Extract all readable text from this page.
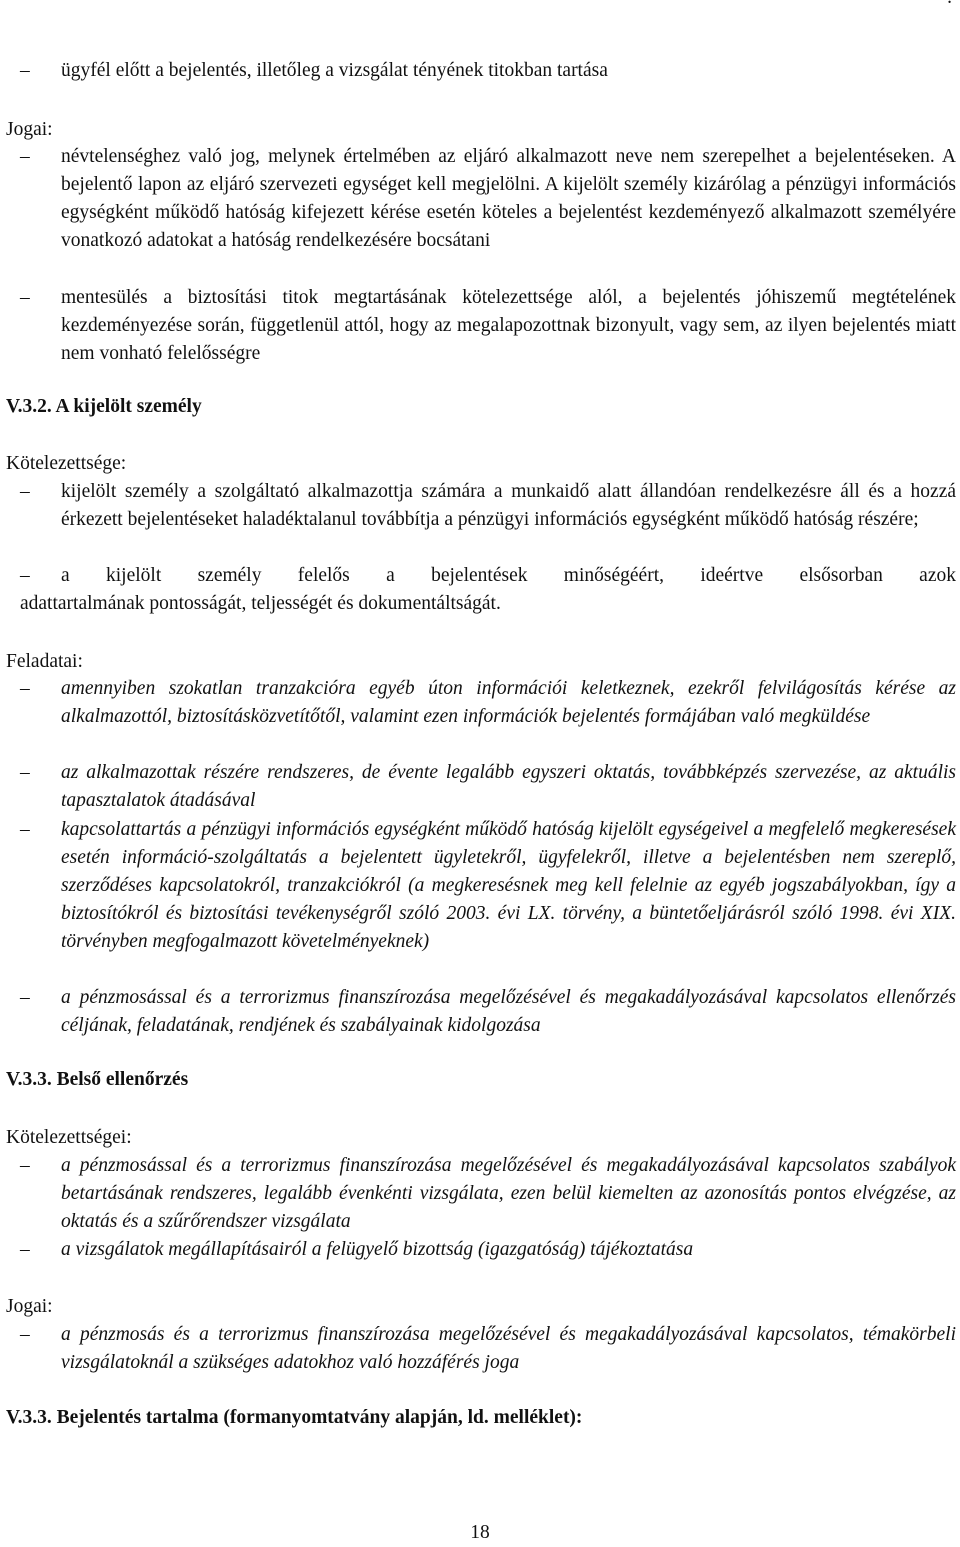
– ügyfél előtt a bejelentés, illetőleg a vizsgálat tényének titokban tartása
Jogai:
– névtelenséghez való jog, melynek értelmében az eljáró alkalmazott neve nem szerepelhet a bejelentéseken. A bejelentő lapon az eljáró szervezeti egységet kell megjelölni. A kijelölt személy kizárólag a pénzügyi információs egységként működő hatóság kifejezett kérése esetén köteles a bejelentést kezdeményező alkalmazott személyére vonatkozó adatokat a hatóság rendelkezésére bocsátani
– mentesülés a biztosítási titok megtartásának kötelezettsége alól, a bejelentés jóhiszemű megtételének kezdeményezése során, függetlenül attól, hogy az megalapozottnak bizonyult, vagy sem, az ilyen bejelentés miatt nem vonható felelősségre
V.3.2. A kijelölt személy
Kötelezettsége:
– kijelölt személy a szolgáltató alkalmazottja számára a munkaidő alatt állandóan rendelkezésre áll és a hozzá érkezett bejelentéseket haladéktalanul továbbítja a pénzügyi információs egységként működő hatóság részére;
– a kijelölt személy felelős a bejelentések minőségéért, ideértve elsősorban azok
adattartalmának pontosságát, teljességét és dokumentáltságát.
Feladatai:
– amennyiben szokatlan tranzakcióra egyéb úton információi keletkeznek, ezekről felvilágosítás kérése az alkalmazottól, biztosításközvetítőtől, valamint ezen információk bejelentés formájában való megküldése
– az alkalmazottak részére rendszeres, de évente legalább egyszeri oktatás, továbbképzés szervezése, az aktuális tapasztalatok átadásával
– kapcsolattartás a pénzügyi információs egységként működő hatóság kijelölt egységeivel a megfelelő megkeresések esetén információ-szolgáltatás a bejelentett ügyletekről, ügyfelekről, illetve a bejelentésben nem szereplő, szerződéses kapcsolatokról, tranzakciókról (a megkeresésnek meg kell felelnie az egyéb jogszabályokban, így a biztosítókról és biztosítási tevékenységről szóló 2003. évi LX. törvény, a büntetőeljárásról szóló 1998. évi XIX. törvényben megfogalmazott követelményeknek)
– a pénzmosással és a terrorizmus finanszírozása megelőzésével és megakadályozásával kapcsolatos ellenőrzés céljának, feladatának, rendjének és szabályainak kidolgozása
V.3.3. Belső ellenőrzés
Kötelezettségei:
– a pénzmosással és a terrorizmus finanszírozása megelőzésével és megakadályozásával kapcsolatos szabályok betartásának rendszeres, legalább évenkénti vizsgálata, ezen belül kiemelten az azonosítás pontos elvégzése, az oktatás és a szűrőrendszer vizsgálata
– a vizsgálatok megállapításairól a felügyelő bizottság (igazgatóság) tájékoztatása
Jogai:
– a pénzmosás és a terrorizmus finanszírozása megelőzésével és megakadályozásával kapcsolatos, témakörbeli vizsgálatoknál a szükséges adatokhoz való hozzáférés joga
V.3.3. Bejelentés tartalma (formanyomtatvány alapján, ld. melléklet):
18
